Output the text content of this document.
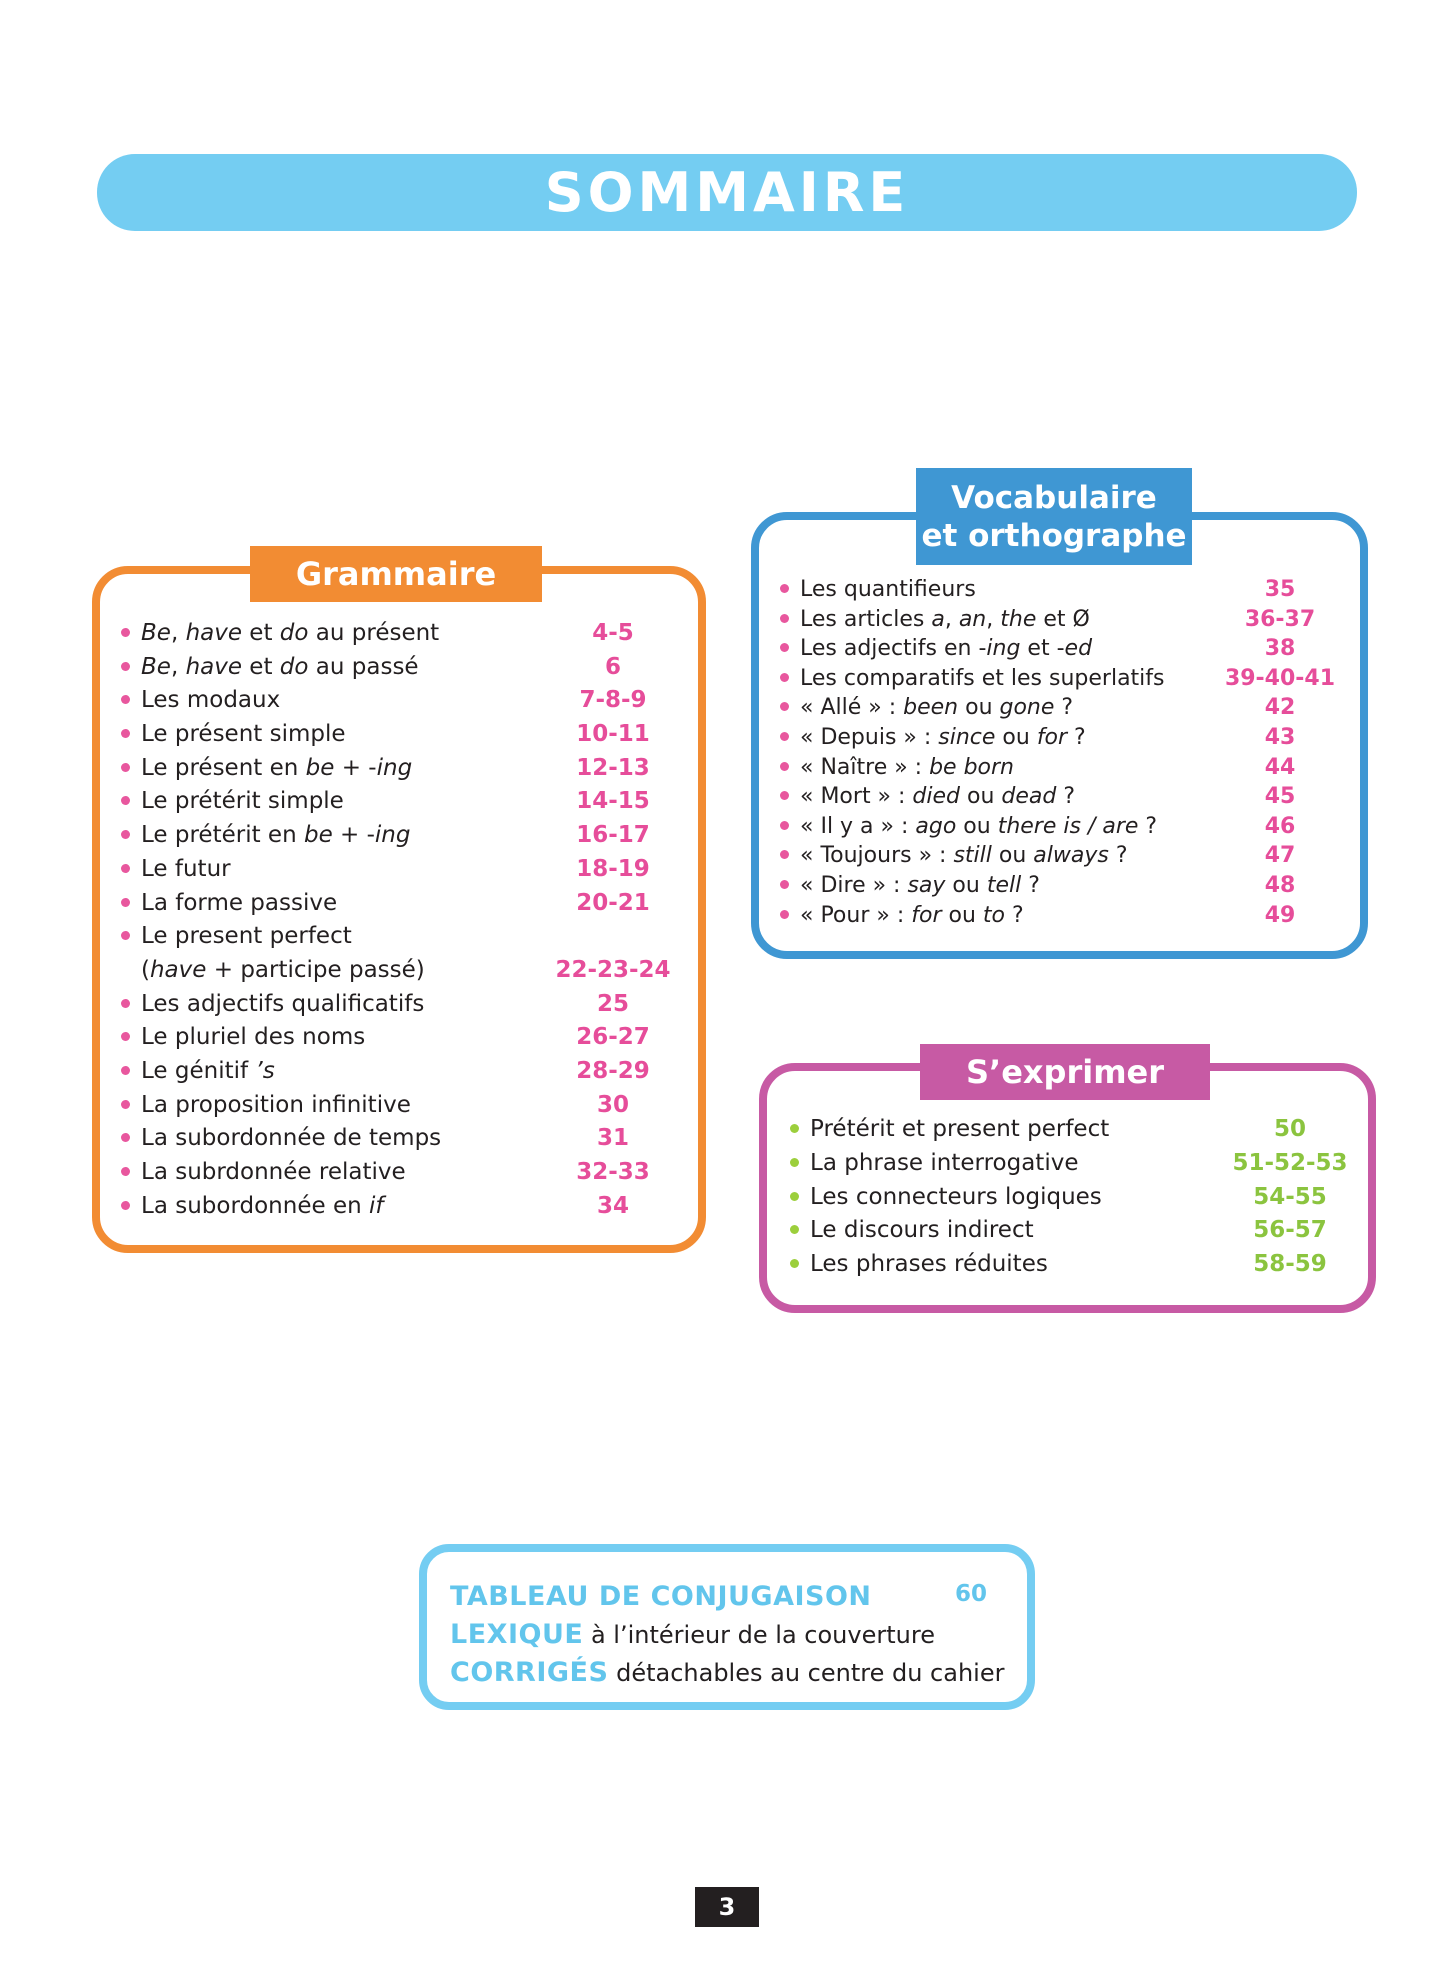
SOMMAIRE
Grammaire
Be, have et do au présent	4-5
Be, have et do au passé	6
Les modaux	7-8-9
Le présent simple	10-11
Le présent en be + -ing	12-13
Le prétérit simple	14-15
Le prétérit en be + -ing	16-17
Le futur	18-19
La forme passive	20-21
Le present perfect
(have + participe passé)	22-23-24
Les adjectifs qualificatifs	25
Le pluriel des noms	26-27
Le génitif ’s	28-29
La proposition infinitive	30
La subordonnée de temps	31
La subrdonnée relative	32-33
La subordonnée en if	34
Vocabulaire
et orthographe
Les quantifieurs	35
Les articles a, an, the et Ø	36-37
Les adjectifs en -ing et -ed	38
Les comparatifs et les superlatifs	39-40-41
« Allé » : been ou gone ?	42
« Depuis » : since ou for ?	43
« Naître » : be born	44
« Mort » : died ou dead ?	45
« Il y a » : ago ou there is / are ?	46
« Toujours » : still ou always ?	47
« Dire » : say ou tell ?	48
« Pour » : for ou to ?	49
S’exprimer
Prétérit et present perfect	50
La phrase interrogative	51-52-53
Les connecteurs logiques	54-55
Le discours indirect	56-57
Les phrases réduites	58-59
TABLEAU DE CONJUGAISON	60
LEXIQUE à l’intérieur de la couverture
CORRIGÉS détachables au centre du cahier
3
